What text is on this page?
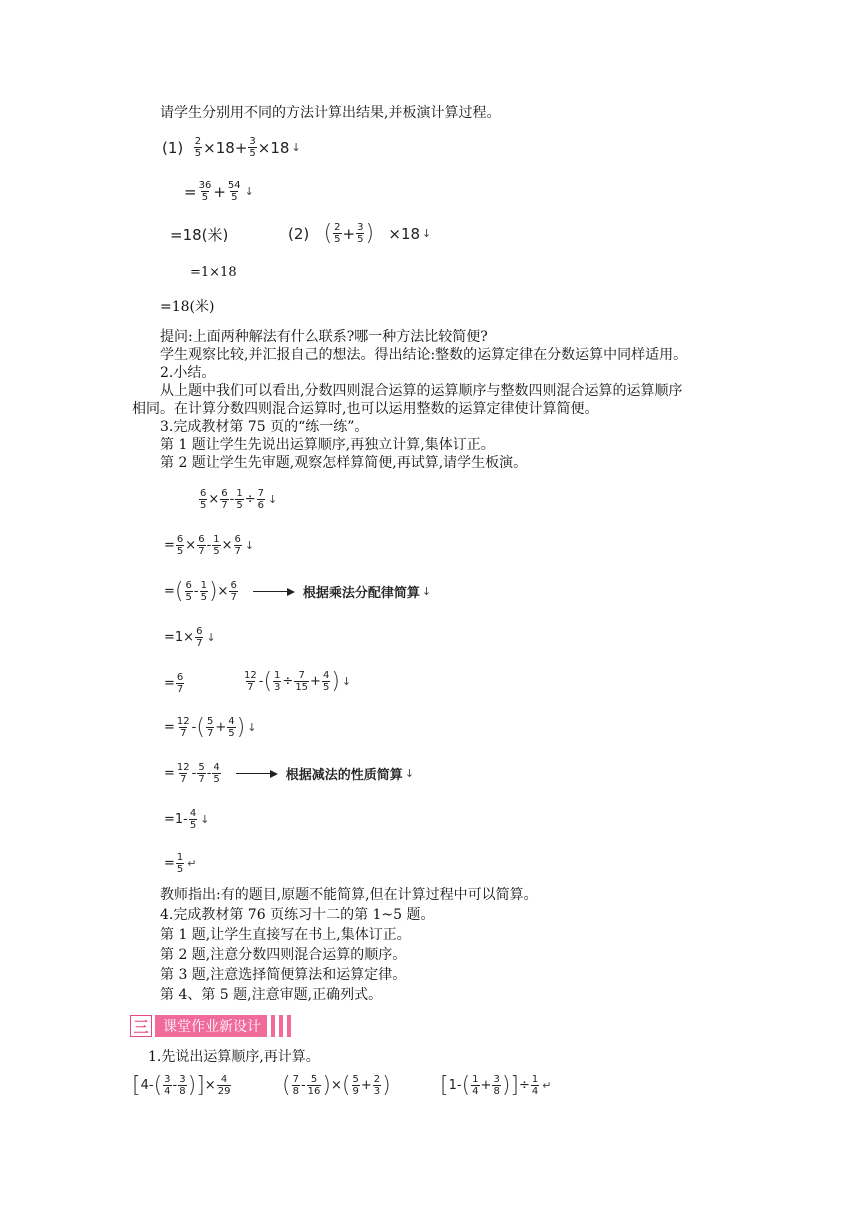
请学生分别用不同的方法计算出结果,并板演计算过程。
(1)
$\frac{2}{5} \times 18+ \frac{3}{5} \times 18$ ↓
= $\frac{36}{5} + \frac{54}{5}$ ↓
=18(米)	(2)
( $\frac{2}{5} + \frac{3}{5}$ )
×18 ↓
=1×18
=18(米)
提问:上面两种解法有什么联系?哪一种方法比较简便?
学生观察比较,并汇报自己的想法。得出结论:整数的运算定律在分数运算中同样适用。
2.小结。
从上题中我们可以看出,分数四则混合运算的运算顺序与整数四则混合运算的运算顺序
相同。在计算分数四则混合运算时,也可以运用整数的运算定律使计算简便。
3.完成教材第 75 页的“练一练”。
第 1 题让学生先说出运算顺序,再独立计算,集体订正。
第 2 题让学生先审题,观察怎样算简便,再试算,请学生板演。
$\frac{6}{5} \times \frac{6}{7} - \frac{1}{5} \div \frac{7}{6}$ ↓
= $\frac{6}{5} \times \frac{6}{7} - \frac{1}{5} \times \frac{6}{7}$ ↓
= ( $\frac{6}{5} - \frac{1}{5}$ ) × $\frac{6}{7}$	根据乘法分配律简算 ↓
$=1\times \frac{6}{7}$ ↓
= $\frac{6}{7}$	$\frac{12}{7}$ - ( $\frac{1}{3} \div \frac{7}{15} + \frac{4}{5}$ ) ↓
= $\frac{12}{7}$ - ( $\frac{5}{7} + \frac{4}{5}$ ) ↓
= $\frac{12}{7} - \frac{5}{7} - \frac{4}{5}$	根据减法的性质简算 ↓
$=1- \frac{4}{5}$ ↓
= $\frac{1}{5}$ ↵
教师指出:有的题目,原题不能简算,但在计算过程中可以简算。
4.完成教材第 76 页练习十二的第 1~5 题。
第 1 题,让学生直接写在书上,集体订正。
第 2 题,注意分数四则混合运算的顺序。
第 3 题,注意选择简便算法和运算定律。
第 4、第 5 题,注意审题,正确列式。
三	课堂作业新设计
1.先说出运算顺序,再计算。
[ 4- ( $\frac{3}{4} - \frac{3}{8}$ ) ] × $\frac{4}{29}$ ( $\frac{7}{8} - \frac{5}{16}$ ) × ( $\frac{5}{9} + \frac{2}{3}$ ) [ 1- ( $\frac{1}{4} + \frac{3}{8}$ ) ] ÷ $\frac{1}{4}$ ↵
